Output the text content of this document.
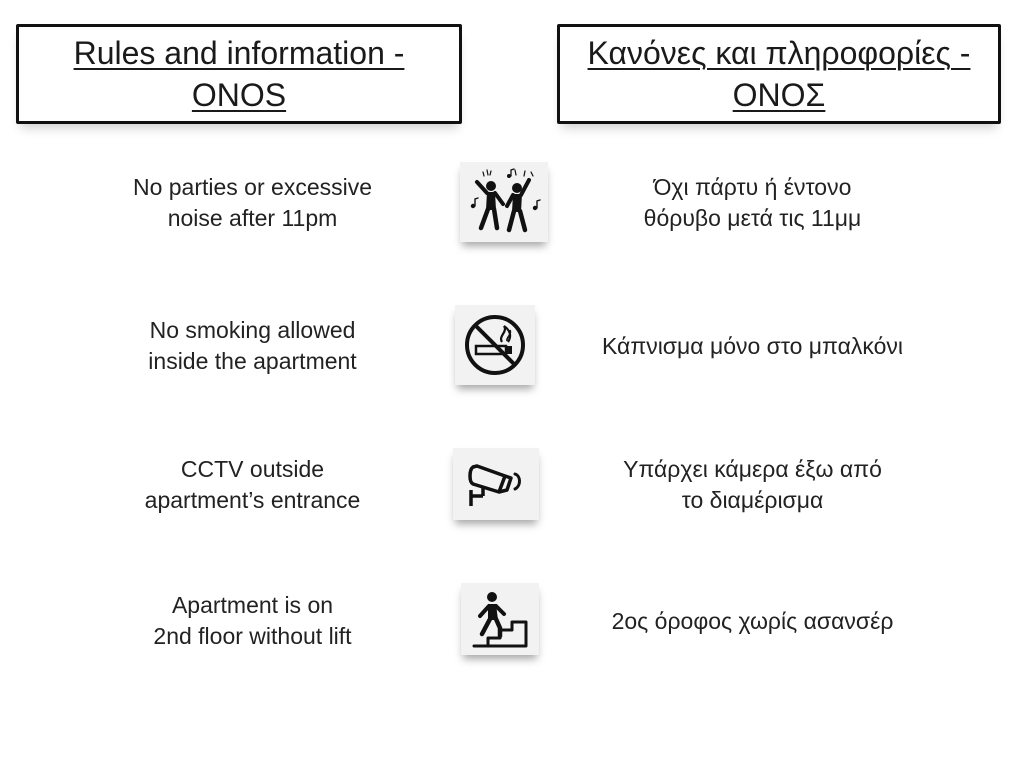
Rules and information - ONOS
Κανόνες και πληροφορίες - ΟΝΟΣ
No parties or excessive
noise after 11pm
Όχι πάρτυ ή έντονο
θόρυβο μετά τις 11μμ
No smoking allowed
inside the apartment
Κάπνισμα μόνο στο μπαλκόνι
CCTV outside
apartment’s entrance
Υπάρχει κάμερα έξω από
το διαμέρισμα
Apartment is on
2nd floor without lift
2ος όροφος χωρίς ασανσέρ
